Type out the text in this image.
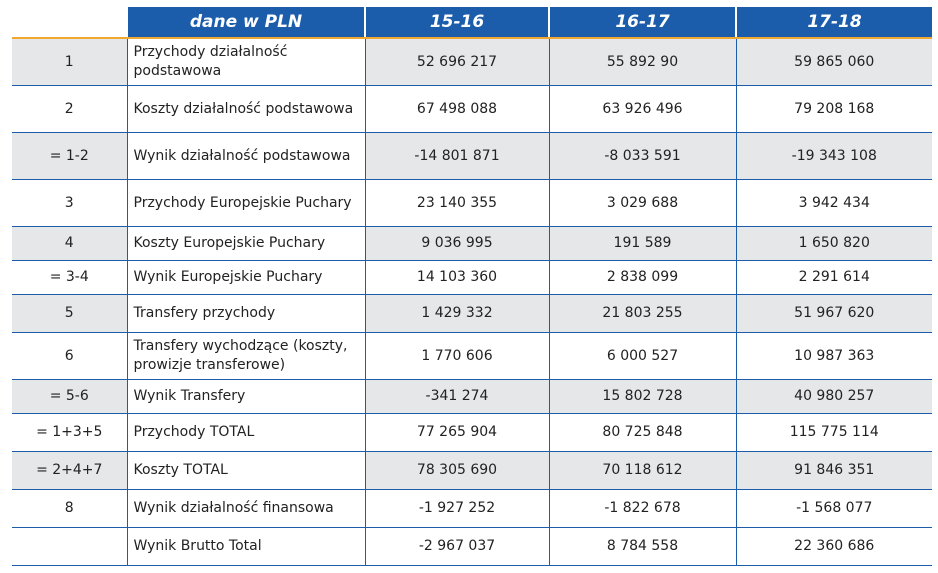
	dane w PLN	15-16	16-17	17-18
1	Przychody działalność podstawowa	52 696 217	55 892 90	59 865 060
2	Koszty działalność podstawowa	67 498 088	63 926 496	79 208 168
= 1-2	Wynik działalność podstawowa	-14 801 871	-8 033 591	-19 343 108
3	Przychody Europejskie Puchary	23 140 355	3 029 688	3 942 434
4	Koszty Europejskie Puchary	9 036 995	191 589	1 650 820
= 3-4	Wynik Europejskie Puchary	14 103 360	2 838 099	2 291 614
5	Transfery przychody	1 429 332	21 803 255	51 967 620
6	Transfery wychodzące (koszty, prowizje transferowe)	1 770 606	6 000 527	10 987 363
= 5-6	Wynik Transfery	-341 274	15 802 728	40 980 257
= 1+3+5	Przychody TOTAL	77 265 904	80 725 848	115 775 114
= 2+4+7	Koszty TOTAL	78 305 690	70 118 612	91 846 351
8	Wynik działalność finansowa	-1 927 252	-1 822 678	-1 568 077
	Wynik Brutto Total	-2 967 037	8 784 558	22 360 686
